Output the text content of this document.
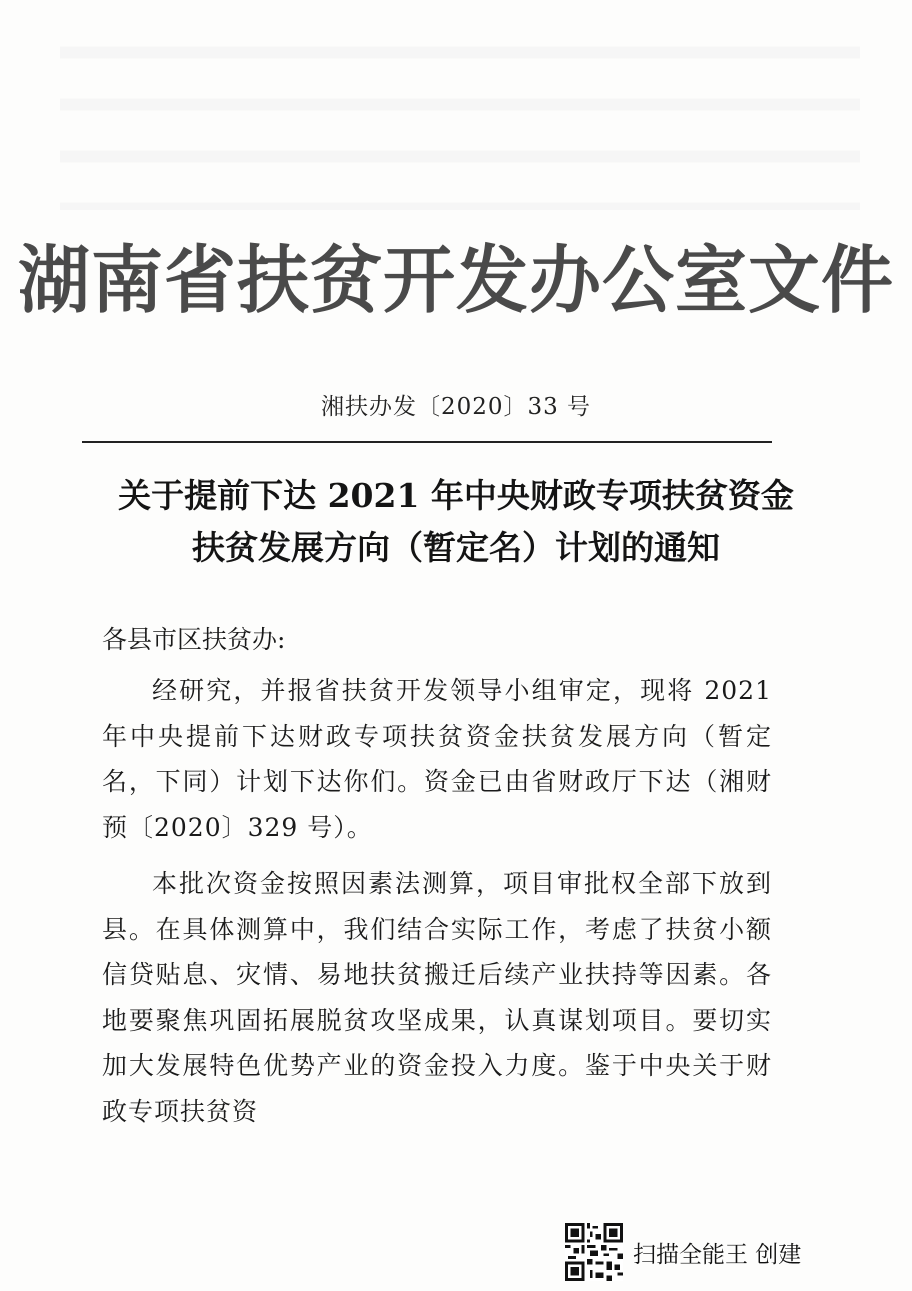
湖南省扶贫开发办公室文件
湘扶办发〔2020〕33 号
关于提前下达 2021 年中央财政专项扶贫资金
扶贫发展方向（暂定名）计划的通知
各县市区扶贫办:
经研究，并报省扶贫开发领导小组审定，现将 2021 年中央提前下达财政专项扶贫资金扶贫发展方向（暂定名，下同）计划下达你们。资金已由省财政厅下达（湘财预〔2020〕329 号）。
本批次资金按照因素法测算，项目审批权全部下放到县。在具体测算中，我们结合实际工作，考虑了扶贫小额信贷贴息、灾情、易地扶贫搬迁后续产业扶持等因素。各地要聚焦巩固拓展脱贫攻坚成果，认真谋划项目。要切实加大发展特色优势产业的资金投入力度。鉴于中央关于财政专项扶贫资
扫描全能王 创建
